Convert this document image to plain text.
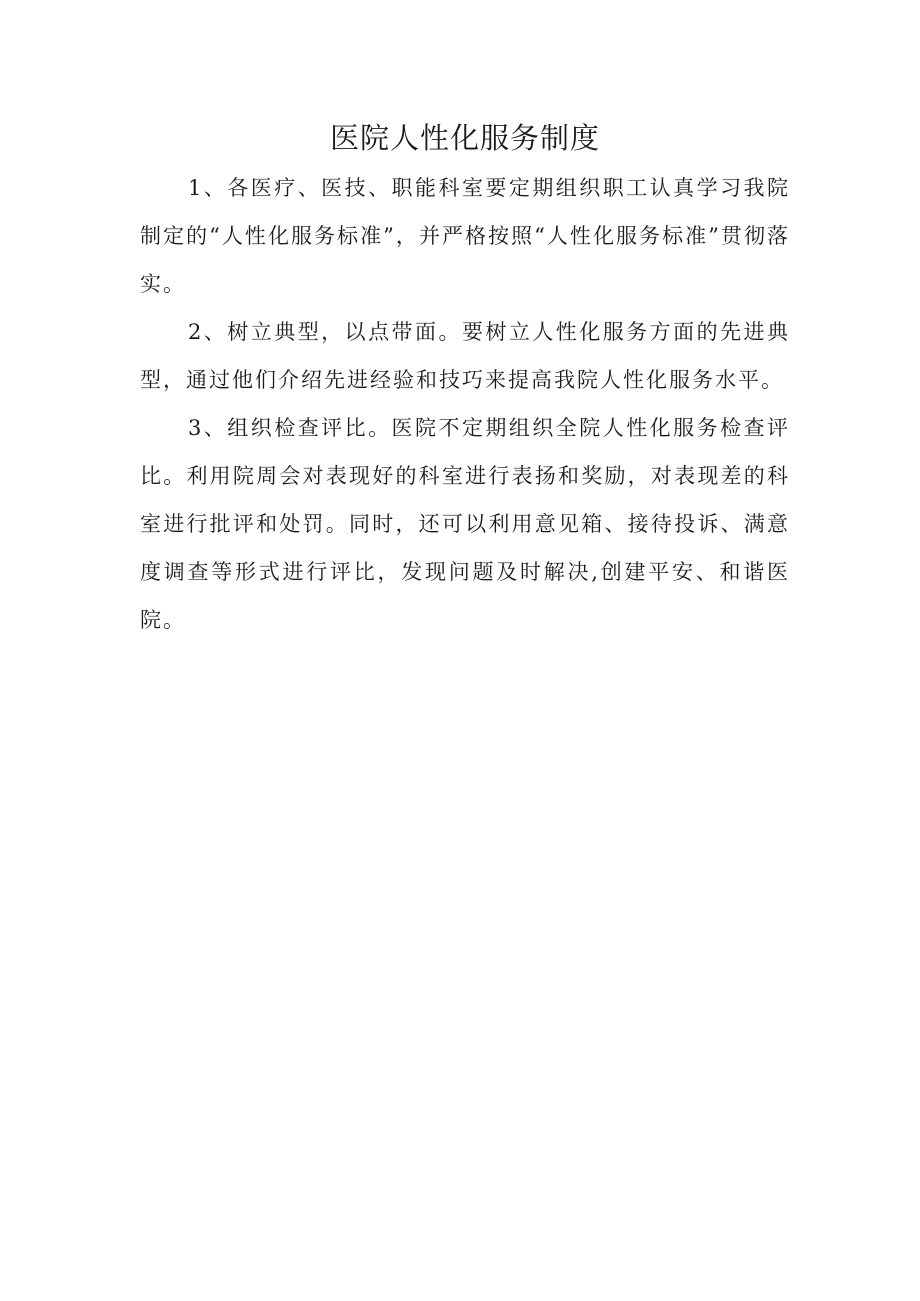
医院人性化服务制度

1、各医疗、医技、职能科室要定期组织职工认真学习我院制定的“人性化服务标准”，并严格按照“人性化服务标准”贯彻落实。

2、树立典型，以点带面。要树立人性化服务方面的先进典型，通过他们介绍先进经验和技巧来提高我院人性化服务水平。

3、组织检查评比。医院不定期组织全院人性化服务检查评比。利用院周会对表现好的科室进行表扬和奖励，对表现差的科室进行批评和处罚。同时，还可以利用意见箱、接待投诉、满意度调查等形式进行评比，发现问题及时解决,创建平安、和谐医院。
